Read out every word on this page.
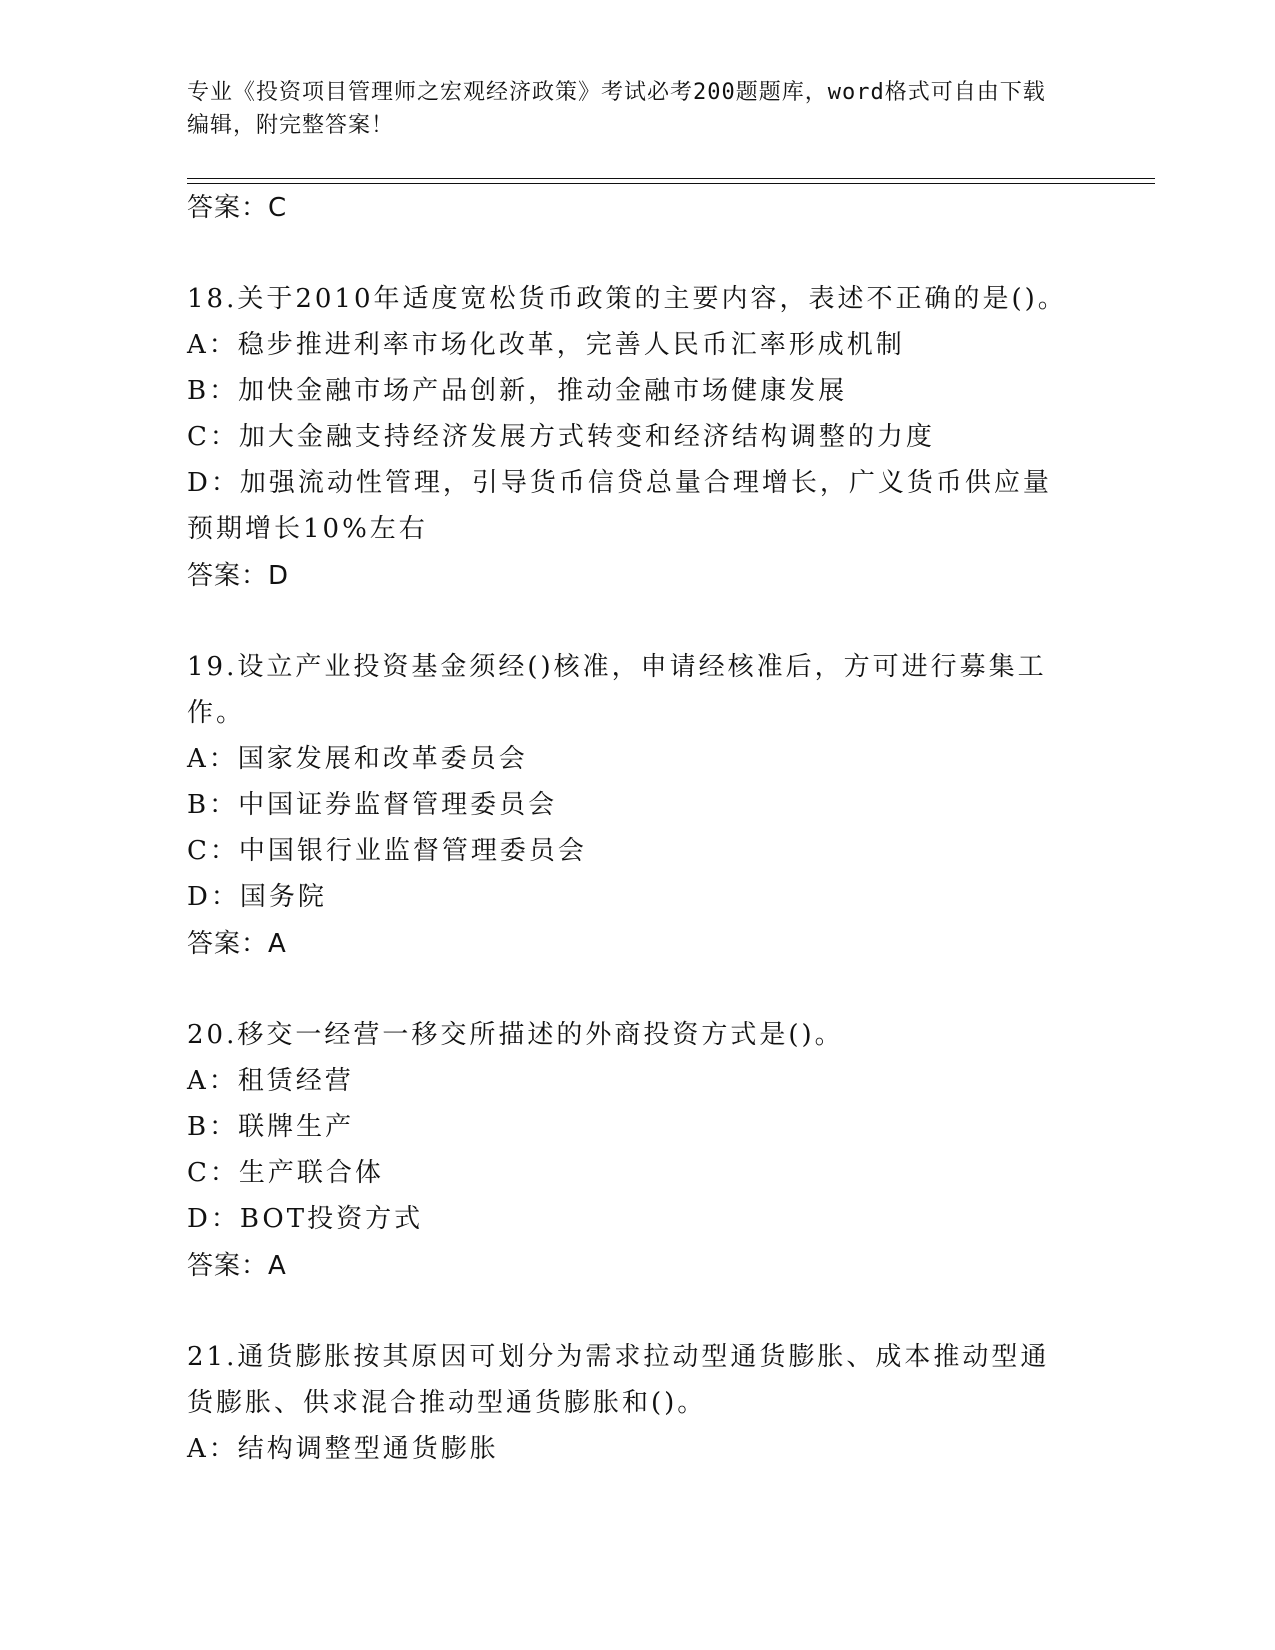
专业《投资项目管理师之宏观经济政策》考试必考200题题库，word格式可自由下载编辑，附完整答案！
答案：C
18.关于2010年适度宽松货币政策的主要内容，表述不正确的是()。
A：稳步推进利率市场化改革，完善人民币汇率形成机制
B：加快金融市场产品创新，推动金融市场健康发展
C：加大金融支持经济发展方式转变和经济结构调整的力度
D：加强流动性管理，引导货币信贷总量合理增长，广义货币供应量预期增长10%左右
答案：D
19.设立产业投资基金须经()核准，申请经核准后，方可进行募集工作。
A：国家发展和改革委员会
B：中国证券监督管理委员会
C：中国银行业监督管理委员会
D：国务院
答案：A
20.移交一经营一移交所描述的外商投资方式是()。
A：租赁经营
B：联牌生产
C：生产联合体
D：BOT投资方式
答案：A
21.通货膨胀按其原因可划分为需求拉动型通货膨胀、成本推动型通货膨胀、供求混合推动型通货膨胀和()。
A：结构调整型通货膨胀
